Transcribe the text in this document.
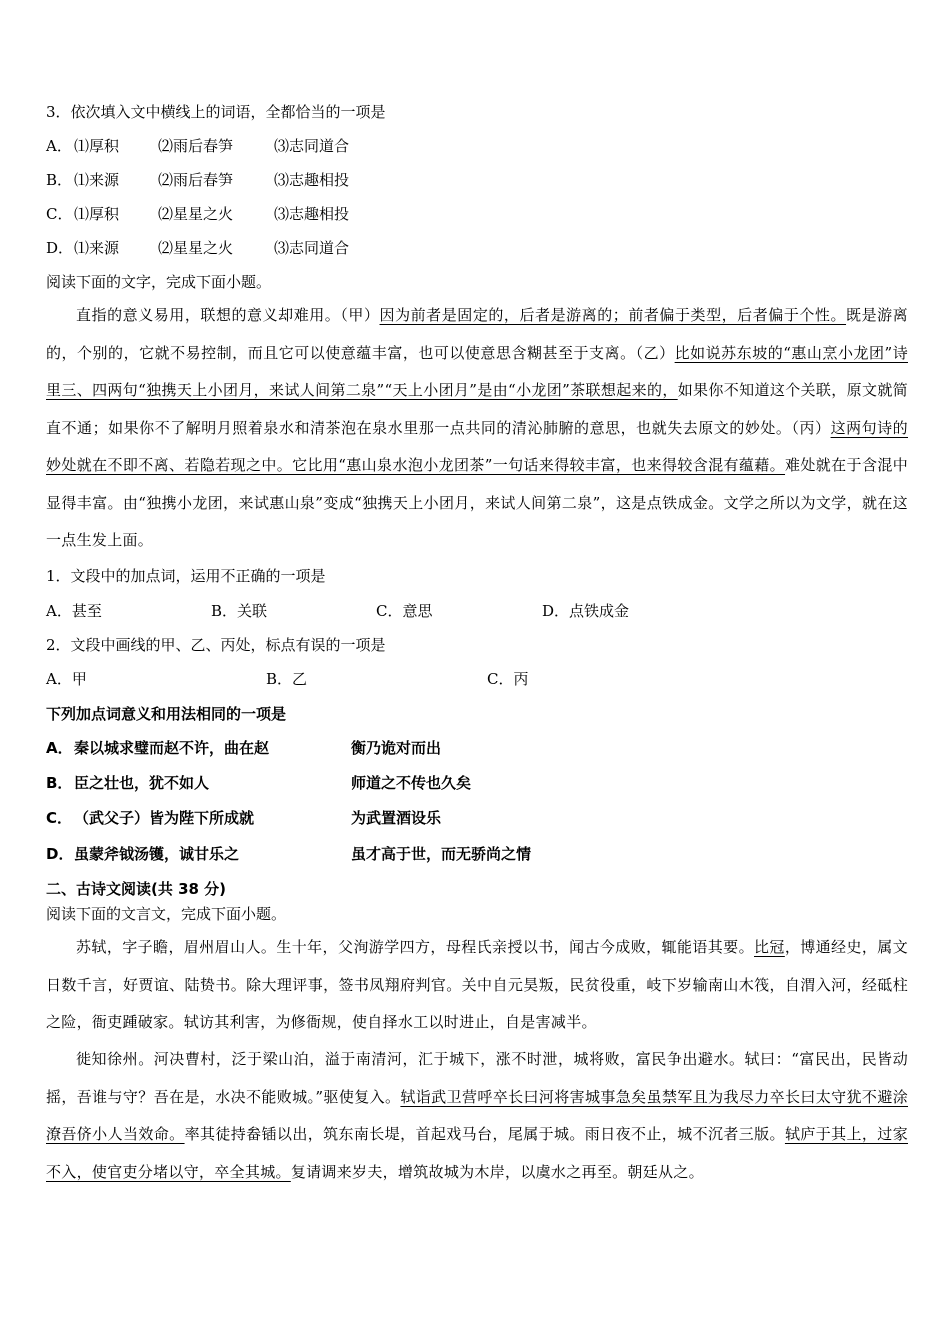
3．依次填入文中横线上的词语，全都恰当的一项是
A． ⑴厚积	⑵雨后春笋	⑶志同道合
B． ⑴来源	⑵雨后春笋	⑶志趣相投
C． ⑴厚积	⑵星星之火	⑶志趣相投
D．⑴来源	⑵星星之火	⑶志同道合
阅读下面的文字，完成下面小题。
直指的意义易用，联想的意义却难用。（甲）因为前者是固定的，后者是游离的；前者偏于类型，后者偏于个性。既是游离的，个别的，它就不易控制，而且它可以使意蕴丰富，也可以使意思含糊甚至于支离。（乙）比如说苏东坡的“惠山烹小龙团”诗里三、四两句“独携天上小团月，来试人间第二泉”“天上小团月”是由“小龙团”茶联想起来的，如果你不知道这个关联，原文就简直不通；如果你不了解明月照着泉水和清茶泡在泉水里那一点共同的清沁肺腑的意思，也就失去原文的妙处。（丙）这两句诗的妙处就在不即不离、若隐若现之中。它比用“惠山泉水泡小龙团茶”一句话来得较丰富，也来得较含混有蕴藉。难处就在于含混中显得丰富。由“独携小龙团，来试惠山泉”变成“独携天上小团月，来试人间第二泉”，这是点铁成金。文学之所以为文学，就在这一点生发上面。
1．文段中的加点词，运用不正确的一项是
A．甚至	B．关联	C．意思	D．点铁成金
2．文段中画线的甲、乙、丙处，标点有误的一项是
A．甲	B．乙	C．丙
下列加点词意义和用法相同的一项是
A．秦以城求璧而赵不许，曲在赵	衡乃诡对而出
B． 臣之壮也，犹不如人	师道之不传也久矣
C． （武父子）皆为陛下所成就	为武置酒设乐
D．虽蒙斧钺汤镬，诚甘乐之	虽才高于世，而无骄尚之情
二、古诗文阅读(共 38 分)
阅读下面的文言文，完成下面小题。
苏轼，字子瞻，眉州眉山人。生十年，父洵游学四方，母程氏亲授以书，闻古今成败，辄能语其要。比冠，博通经史，属文日数千言，好贾谊、陆贽书。除大理评事，签书凤翔府判官。关中自元昊叛，民贫役重，岐下岁输南山木筏，自渭入河，经砥柱之险，衙吏踵破家。轼访其利害，为修衙规，使自择水工以时进止，自是害减半。
徙知徐州。河决曹村，泛于梁山泊，溢于南清河，汇于城下，涨不时泄，城将败，富民争出避水。轼曰：“富民出，民皆动摇，吾谁与守？吾在是，水决不能败城。”驱使复入。轼诣武卫营呼卒长曰河将害城事急矣虽禁军且为我尽力卒长曰太守犹不避涂潦吾侪小人当效命。率其徒持畚锸以出，筑东南长堤，首起戏马台，尾属于城。雨日夜不止，城不沉者三版。轼庐于其上，过家不入，使官吏分堵以守，卒全其城。复请调来岁夫，增筑故城为木岸，以虞水之再至。朝廷从之。
